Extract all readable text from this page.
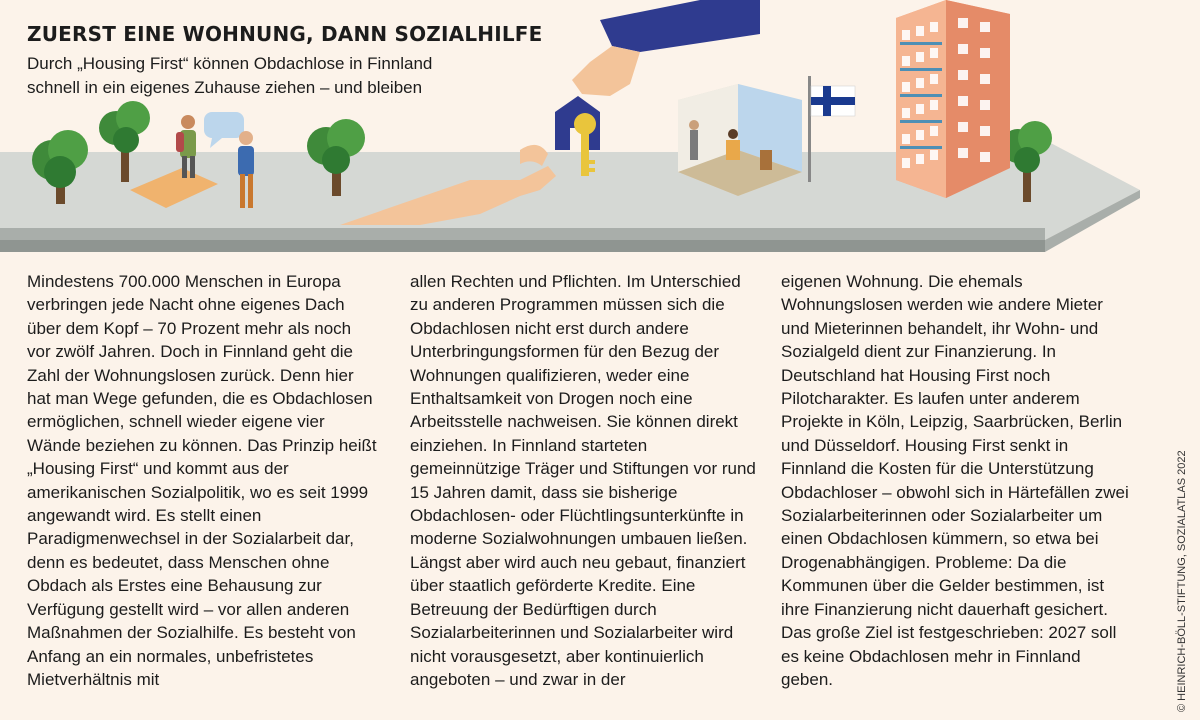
ZUERST EINE WOHNUNG, DANN SOZIALHILFE

Durch „Housing First“ können Obdachlose in Finnland schnell in ein eigenes Zuhause ziehen – und bleiben

Mindestens 700.000 Menschen in Europa verbringen jede Nacht ohne eigenes Dach über dem Kopf – 70 Prozent mehr als noch vor zwölf Jahren. Doch in Finnland geht die Zahl der Wohnungslosen zurück. Denn hier hat man Wege gefunden, die es Obdachlosen ermöglichen, schnell wieder eigene vier Wände beziehen zu können. Das Prinzip heißt „Housing First“ und kommt aus der amerikanischen Sozialpolitik, wo es seit 1999 angewandt wird. Es stellt einen Paradigmenwechsel in der Sozialarbeit dar, denn es bedeutet, dass Menschen ohne Obdach als Erstes eine Behausung zur Verfügung gestellt wird – vor allen anderen Maßnahmen der Sozialhilfe. Es besteht von Anfang an ein normales, unbefristetes Mietverhältnis mit

allen Rechten und Pflichten. Im Unterschied zu anderen Programmen müssen sich die Obdachlosen nicht erst durch andere Unterbringungsformen für den Bezug der Wohnungen qualifizieren, weder eine Enthaltsamkeit von Drogen noch eine Arbeitsstelle nachweisen. Sie können direkt einziehen. In Finnland starteten gemeinnützige Träger und Stiftungen vor rund 15 Jahren damit, dass sie bisherige Obdachlosen- oder Flüchtlingsunterkünfte in moderne Sozialwohnungen umbauen ließen. Längst aber wird auch neu gebaut, finanziert über staatlich geförderte Kredite. Eine Betreuung der Bedürftigen durch Sozialarbeiterinnen und Sozialarbeiter wird nicht vorausgesetzt, aber kontinuierlich angeboten – und zwar in der

eigenen Wohnung. Die ehemals Wohnungslosen werden wie andere Mieter und Mieterinnen behandelt, ihr Wohn- und Sozialgeld dient zur Finanzierung. In Deutschland hat Housing First noch Pilotcharakter. Es laufen unter anderem Projekte in Köln, Leipzig, Saarbrücken, Berlin und Düsseldorf. Housing First senkt in Finnland die Kosten für die Unterstützung Obdachloser – obwohl sich in Härtefällen zwei Sozialarbeiterinnen oder Sozialarbeiter um einen Obdachlosen kümmern, so etwa bei Drogenabhängigen. Probleme: Da die Kommunen über die Gelder bestimmen, ist ihre Finanzierung nicht dauerhaft gesichert. Das große Ziel ist festgeschrieben: 2027 soll es keine Obdachlosen mehr in Finnland geben.	© HEINRICH-BÖLL-STIFTUNG, SOZIALATLAS 2022
